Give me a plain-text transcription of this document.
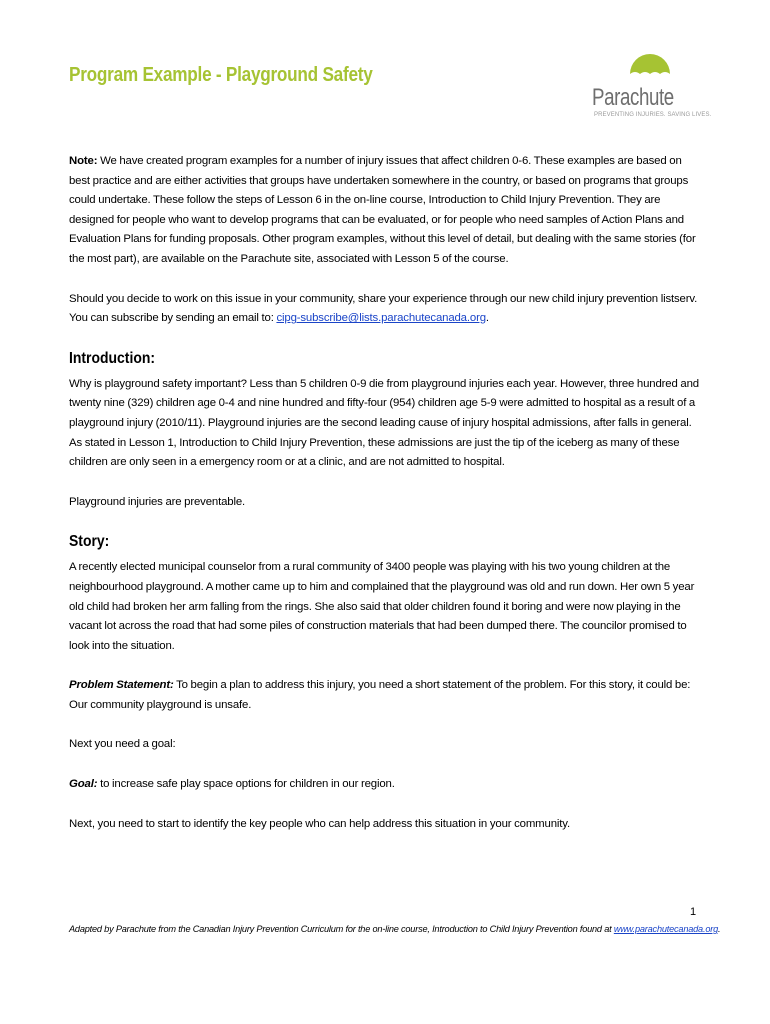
Program Example - Playground Safety
Parachute
PREVENTING INJURIES. SAVING LIVES.

Note: We have created program examples for a number of injury issues that affect children 0-6. These examples are based on best practice and are either activities that groups have undertaken somewhere in the country, or based on programs that groups could undertake. These follow the steps of Lesson 6 in the on-line course, Introduction to Child Injury Prevention. They are designed for people who want to develop programs that can be evaluated, or for people who need samples of Action Plans and Evaluation Plans for funding proposals. Other program examples, without this level of detail, but dealing with the same stories (for the most part), are available on the Parachute site, associated with Lesson 5 of the course.

Should you decide to work on this issue in your community, share your experience through our new child injury prevention listserv. You can subscribe by sending an email to: cipg-subscribe@lists.parachutecanada.org.

Introduction:

Why is playground safety important? Less than 5 children 0-9 die from playground injuries each year. However, three hundred and twenty nine (329) children age 0-4 and nine hundred and fifty-four (954) children age 5-9 were admitted to hospital as a result of a playground injury (2010/11). Playground injuries are the second leading cause of injury hospital admissions, after falls in general. As stated in Lesson 1, Introduction to Child Injury Prevention, these admissions are just the tip of the iceberg as many of these children are only seen in a emergency room or at a clinic, and are not admitted to hospital.

Playground injuries are preventable.

Story:

A recently elected municipal counselor from a rural community of 3400 people was playing with his two young children at the neighbourhood playground. A mother came up to him and complained that the playground was old and run down. Her own 5 year old child had broken her arm falling from the rings. She also said that older children found it boring and were now playing in the vacant lot across the road that had some piles of construction materials that had been dumped there. The councilor promised to look into the situation.

Problem Statement: To begin a plan to address this injury, you need a short statement of the problem. For this story, it could be: Our community playground is unsafe.

Next you need a goal:

Goal: to increase safe play space options for children in our region.

Next, you need to start to identify the key people who can help address this situation in your community.

1
Adapted by Parachute from the Canadian Injury Prevention Curriculum for the on-line course, Introduction to Child Injury Prevention found at www.parachutecanada.org.
